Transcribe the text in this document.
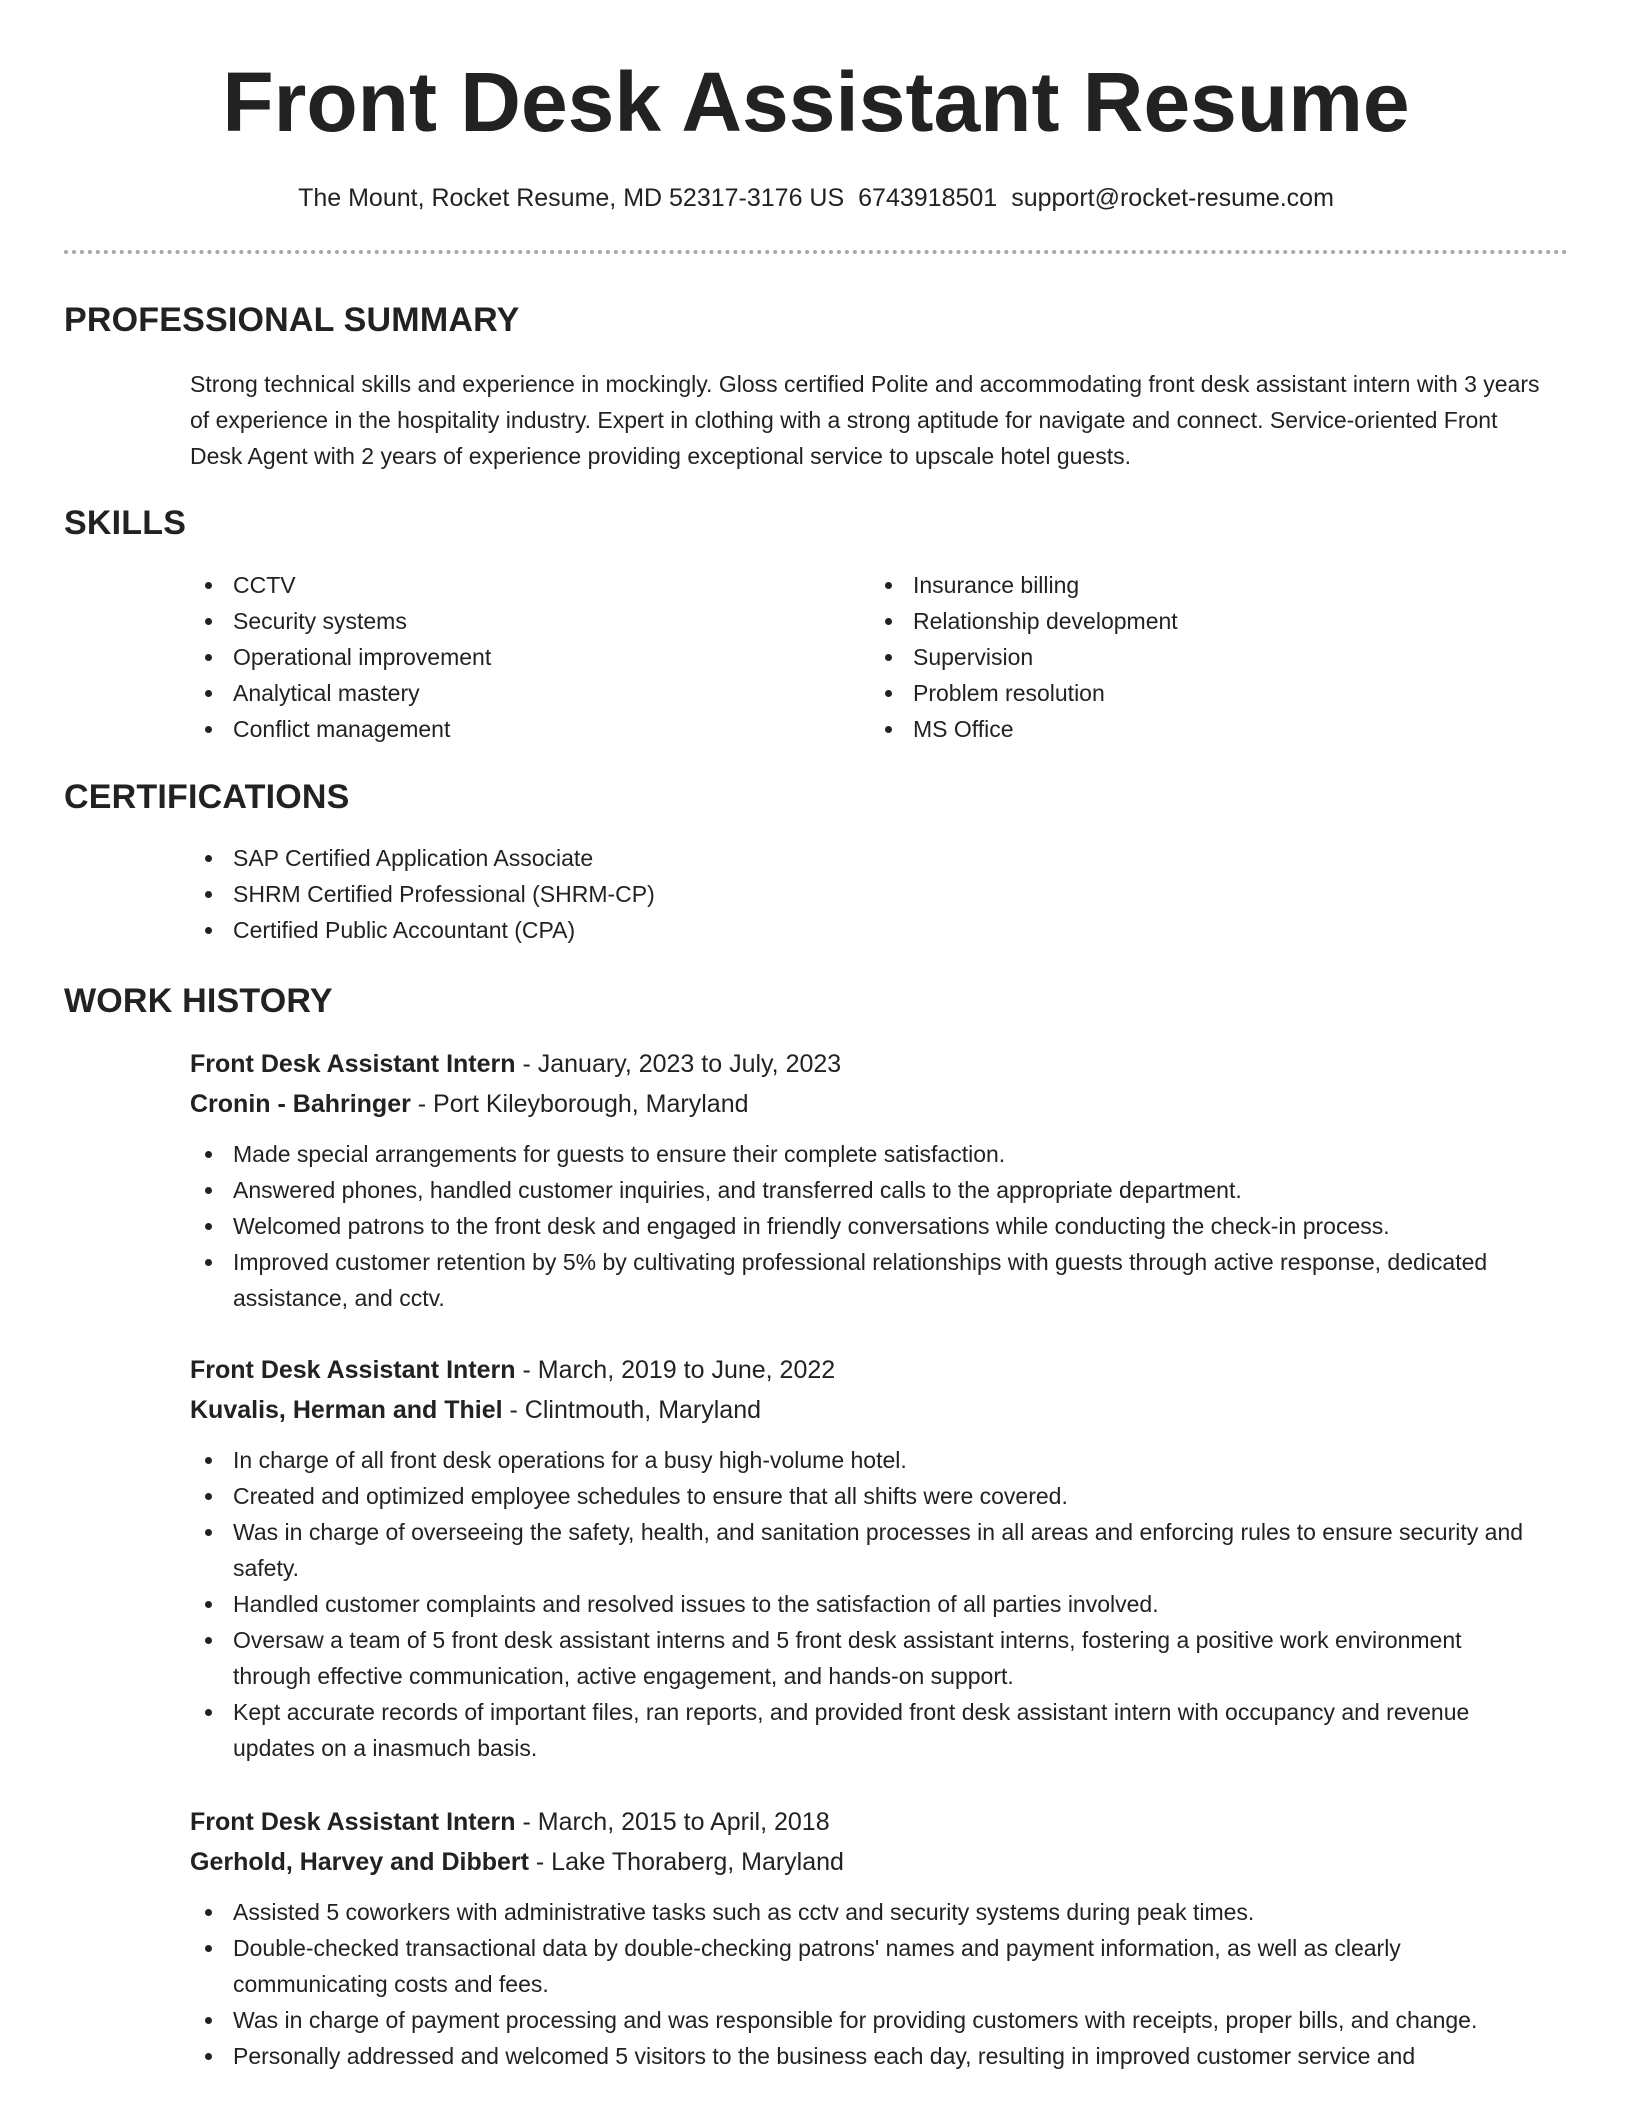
Front Desk Assistant Resume
The Mount, Rocket Resume, MD 52317-3176 US 6743918501 support@rocket-resume.com
PROFESSIONAL SUMMARY

Strong technical skills and experience in mockingly. Gloss certified Polite and accommodating front desk assistant intern with 3 years of experience in the hospitality industry. Expert in clothing with a strong aptitude for navigate and connect. Service-oriented Front Desk Agent with 2 years of experience providing exceptional service to upscale hotel guests.

SKILLS
CCTV
Security systems
Operational improvement
Analytical mastery
Conflict management
Insurance billing
Relationship development
Supervision
Problem resolution
MS Office
CERTIFICATIONS
SAP Certified Application Associate
SHRM Certified Professional (SHRM-CP)
Certified Public Accountant (CPA)
WORK HISTORY
Front Desk Assistant Intern - January, 2023 to July, 2023
Cronin - Bahringer - Port Kileyborough, Maryland
Made special arrangements for guests to ensure their complete satisfaction.
Answered phones, handled customer inquiries, and transferred calls to the appropriate department.
Welcomed patrons to the front desk and engaged in friendly conversations while conducting the check-in process.
Improved customer retention by 5% by cultivating professional relationships with guests through active response, dedicated assistance, and cctv.
Front Desk Assistant Intern - March, 2019 to June, 2022
Kuvalis, Herman and Thiel - Clintmouth, Maryland
In charge of all front desk operations for a busy high-volume hotel.
Created and optimized employee schedules to ensure that all shifts were covered.
Was in charge of overseeing the safety, health, and sanitation processes in all areas and enforcing rules to ensure security and safety.
Handled customer complaints and resolved issues to the satisfaction of all parties involved.
Oversaw a team of 5 front desk assistant interns and 5 front desk assistant interns, fostering a positive work environment through effective communication, active engagement, and hands-on support.
Kept accurate records of important files, ran reports, and provided front desk assistant intern with occupancy and revenue updates on a inasmuch basis.
Front Desk Assistant Intern - March, 2015 to April, 2018
Gerhold, Harvey and Dibbert - Lake Thoraberg, Maryland
Assisted 5 coworkers with administrative tasks such as cctv and security systems during peak times.
Double-checked transactional data by double-checking patrons' names and payment information, as well as clearly communicating costs and fees.
Was in charge of payment processing and was responsible for providing customers with receipts, proper bills, and change.
Personally addressed and welcomed 5 visitors to the business each day, resulting in improved customer service and
